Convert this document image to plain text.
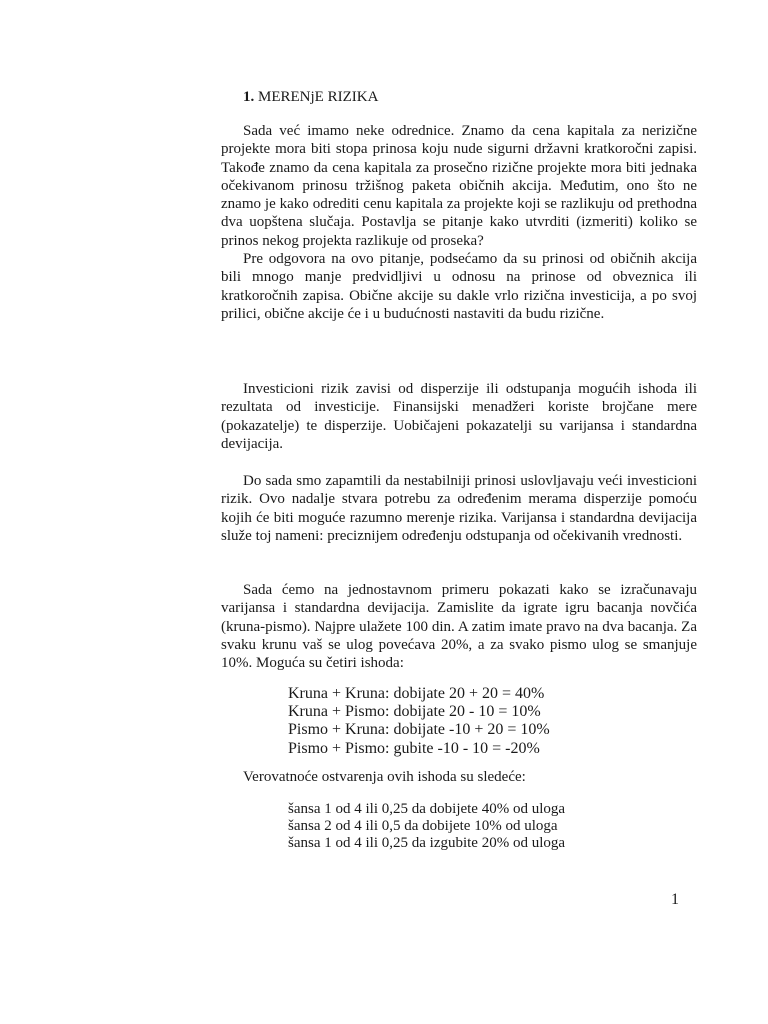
1. MERENjE RIZIKA

Sada već imamo neke odrednice. Znamo da cena kapitala za nerizične projekte mora biti stopa prinosa koju nude sigurni državni kratkoročni zapisi. Takođe znamo da cena kapitala za prosečno rizične projekte mora biti jednaka očekivanom prinosu tržišnog paketa običnih akcija. Međutim, ono što ne znamo je kako odrediti cenu kapitala za projekte koji se razlikuju od prethodna dva uopštena slučaja. Postavlja se pitanje kako utvrditi (izmeriti) koliko se prinos nekog projekta razlikuje od proseka?

Pre odgovora na ovo pitanje, podsećamo da su prinosi od običnih akcija bili mnogo manje predvidljivi u odnosu na prinose od obveznica ili kratkoročnih zapisa. Obične akcije su dakle vrlo rizična investicija, a po svoj prilici, obične akcije će i u budućnosti nastaviti da budu rizične.

Investicioni rizik zavisi od disperzije ili odstupanja mogućih ishoda ili rezultata od investicije. Finansijski menadžeri koriste brojčane mere (pokazatelje) te disperzije. Uobičajeni pokazatelji su varijansa i standardna devijacija.

Do sada smo zapamtili da nestabilniji prinosi uslovljavaju veći investicioni rizik. Ovo nadalje stvara potrebu za određenim merama disperzije pomoću kojih će biti moguće razumno merenje rizika. Varijansa i standardna devijacija služe toj nameni: preciznijem određenju odstupanja od očekivanih vrednosti.

Sada ćemo na jednostavnom primeru pokazati kako se izračunavaju varijansa i standardna devijacija. Zamislite da igrate igru bacanja novčića (kruna-pismo). Najpre ulažete 100 din. A zatim imate pravo na dva bacanja. Za svaku krunu vaš se ulog povećava 20%, a za svako pismo ulog se smanjuje 10%. Moguća su četiri ishoda:

Kruna + Kruna: dobijate 20 + 20 = 40%
Kruna + Pismo: dobijate 20 - 10 = 10%
Pismo + Kruna: dobijate -10 + 20 = 10%
Pismo + Pismo: gubite -10 - 10 = -20%

Verovatnoće ostvarenja ovih ishoda su sledeće:

šansa 1 od 4 ili 0,25 da dobijete 40% od uloga
šansa 2 od 4 ili 0,5 da dobijete 10% od uloga
šansa 1 od 4 ili 0,25 da izgubite 20% od uloga

1
